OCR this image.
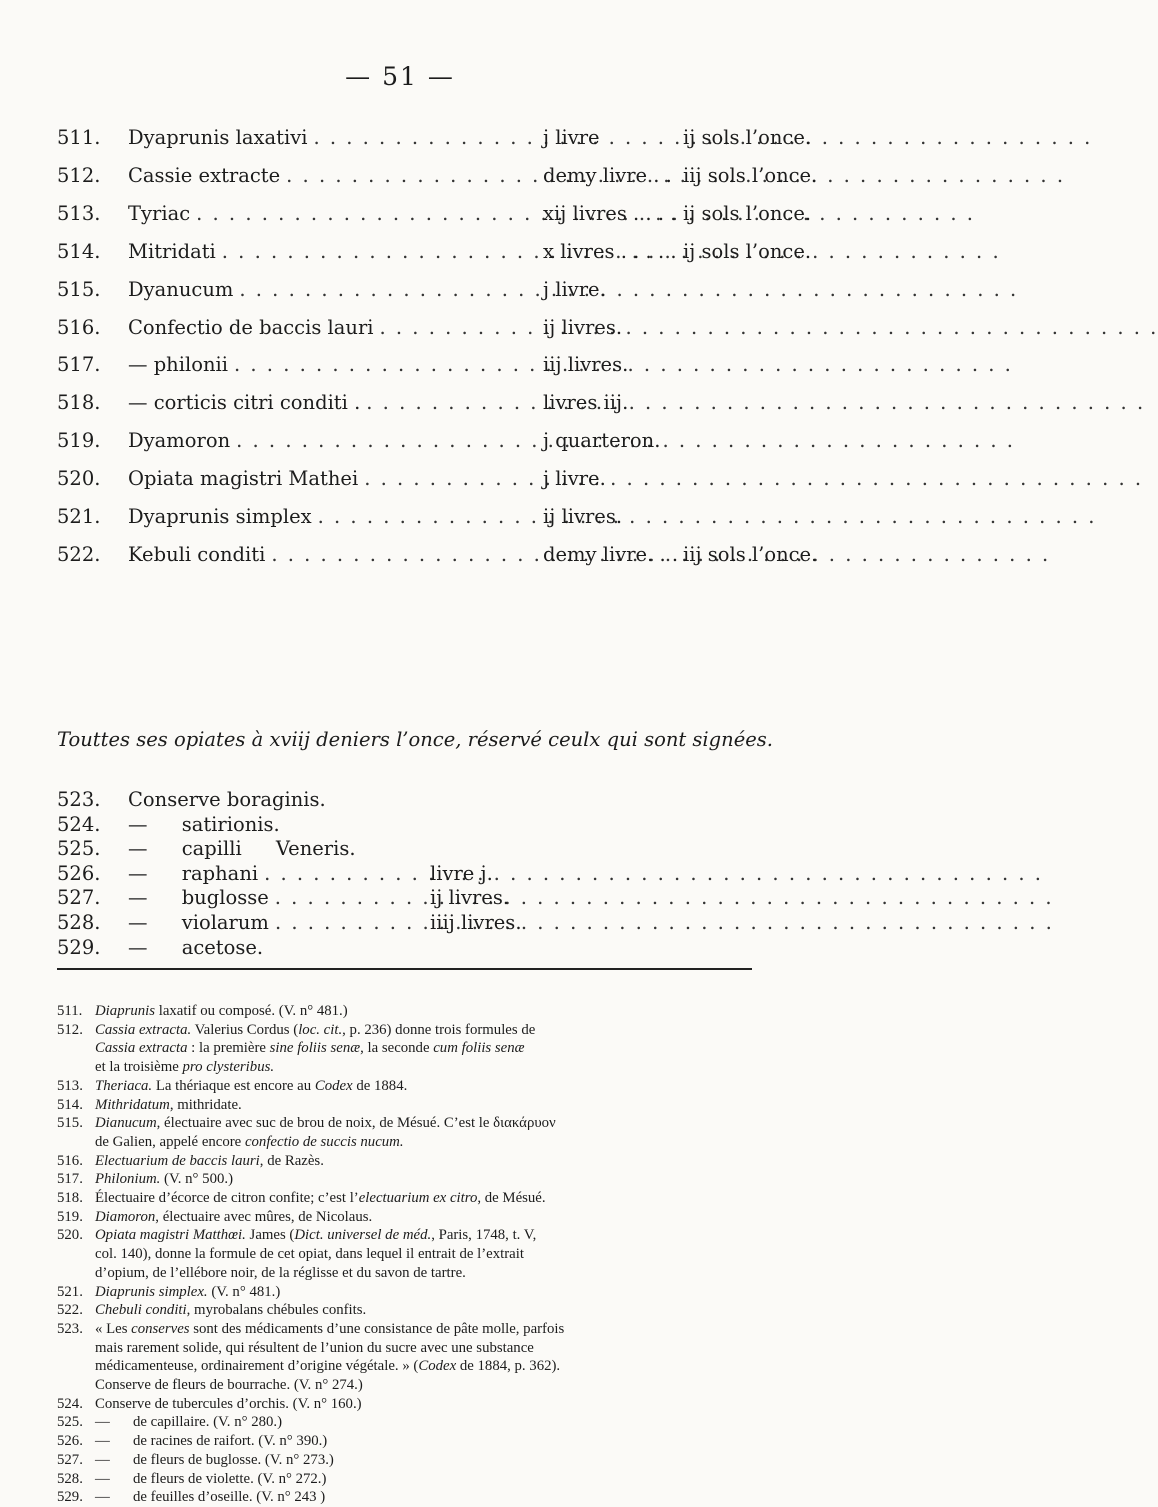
— 51 —
511. Dyaprunis laxativi . . .	j livre	ij sols l’once.
512. Cassie extracte . . .	demy livre . . iij sols l’once.
513. Tyriac . . .	xij livres . . . . ij sols l’once.
514. Mitridati . . .	x livres . . . . . ij sols l’once.
515. Dyanucum . . .	j livre.
516. Confectio de baccis lauri . . .	ij livres.
517. — philonii . . .	iij livres.
518. — corticis citri conditi . . . .	livres iij.
519. Dyamoron . . .	j quarteron.
520. Opiata magistri Mathei . . .	j livre.
521. Dyaprunis simplex . . .	ij livres.
522. Kebuli conditi . . .	demy livre. . . iij sols l’once.
Touttes ses opiates à xviij deniers l’once, réservé ceulx qui sont signées.
523. Conserve boraginis.
524. — satirionis.
525. — capilli Veneris.
526. — raphani . . .	livre j.
527. — buglosse . . .	ij livres.
528. — violarum . . .	iiij livres.
529. — acetose.
511. Diaprunis laxatif ou composé. (V. n° 481.)
512. Cassia extracta. Valerius Cordus (loc. cit., p. 236) donne trois formules de
Cassia extracta : la première sine foliis senæ, la seconde cum foliis senæ
et la troisième pro clysteribus.
513. Theriaca. La thériaque est encore au Codex de 1884.
514. Mithridatum, mithridate.
515. Dianucum, électuaire avec suc de brou de noix, de Mésué. C’est le διακάρυον
de Galien, appelé encore confectio de succis nucum.
516. Electuarium de baccis lauri, de Razès.
517. Philonium. (V. n° 500.)
518. Électuaire d’écorce de citron confite; c’est l’electuarium ex citro, de Mésué.
519. Diamoron, électuaire avec mûres, de Nicolaus.
520. Opiata magistri Matthœi. James (Dict. universel de méd., Paris, 1748, t. V,
col. 140), donne la formule de cet opiat, dans lequel il entrait de l’extrait
d’opium, de l’ellébore noir, de la réglisse et du savon de tartre.
521. Diaprunis simplex. (V. n° 481.)
522. Chebuli conditi, myrobalans chébules confits.
523. « Les conserves sont des médicaments d’une consistance de pâte molle, parfois
mais rarement solide, qui résultent de l’union du sucre avec une substance
médicamenteuse, ordinairement d’origine végétale. » (Codex de 1884, p. 362).
Conserve de fleurs de bourrache. (V. n° 274.)
524. Conserve de tubercules d’orchis. (V. n° 160.)
525. — de capillaire. (V. n° 280.)
526. — de racines de raifort. (V. n° 390.)
527. — de fleurs de buglosse. (V. n° 273.)
528. — de fleurs de violette. (V. n° 272.)
529. — de feuilles d’oseille. (V. n° 243 )
